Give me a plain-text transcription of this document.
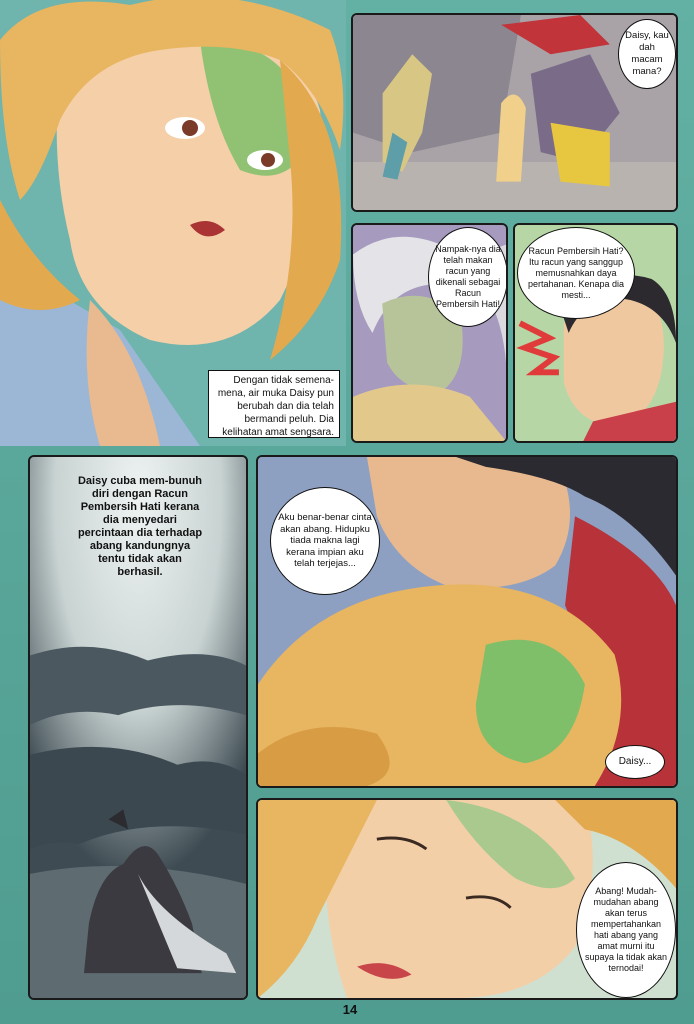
Dengan tidak semena-mena, air muka Daisy pun berubah dan dia telah bermandi peluh. Dia kelihatan amat sengsara.
Daisy, kau dah macam mana?
Nampak-nya dia telah makan racun yang dikenali sebagai Racun Pembersih Hati!
Racun Pembersih Hati? Itu racun yang sanggup memusnahkan daya pertahanan. Kenapa dia mesti...
Daisy cuba mem-bunuh diri dengan Racun Pembersih Hati kerana dia menyedari percintaan dia terhadap abang kandungnya tentu tidak akan berhasil.
Aku benar-benar cinta akan abang. Hidupku tiada makna lagi kerana impian aku telah terjejas...
Daisy...
Abang! Mudah-mudahan abang akan terus mempertahankan hati abang yang amat murni itu supaya la tidak akan ternodai!
14
